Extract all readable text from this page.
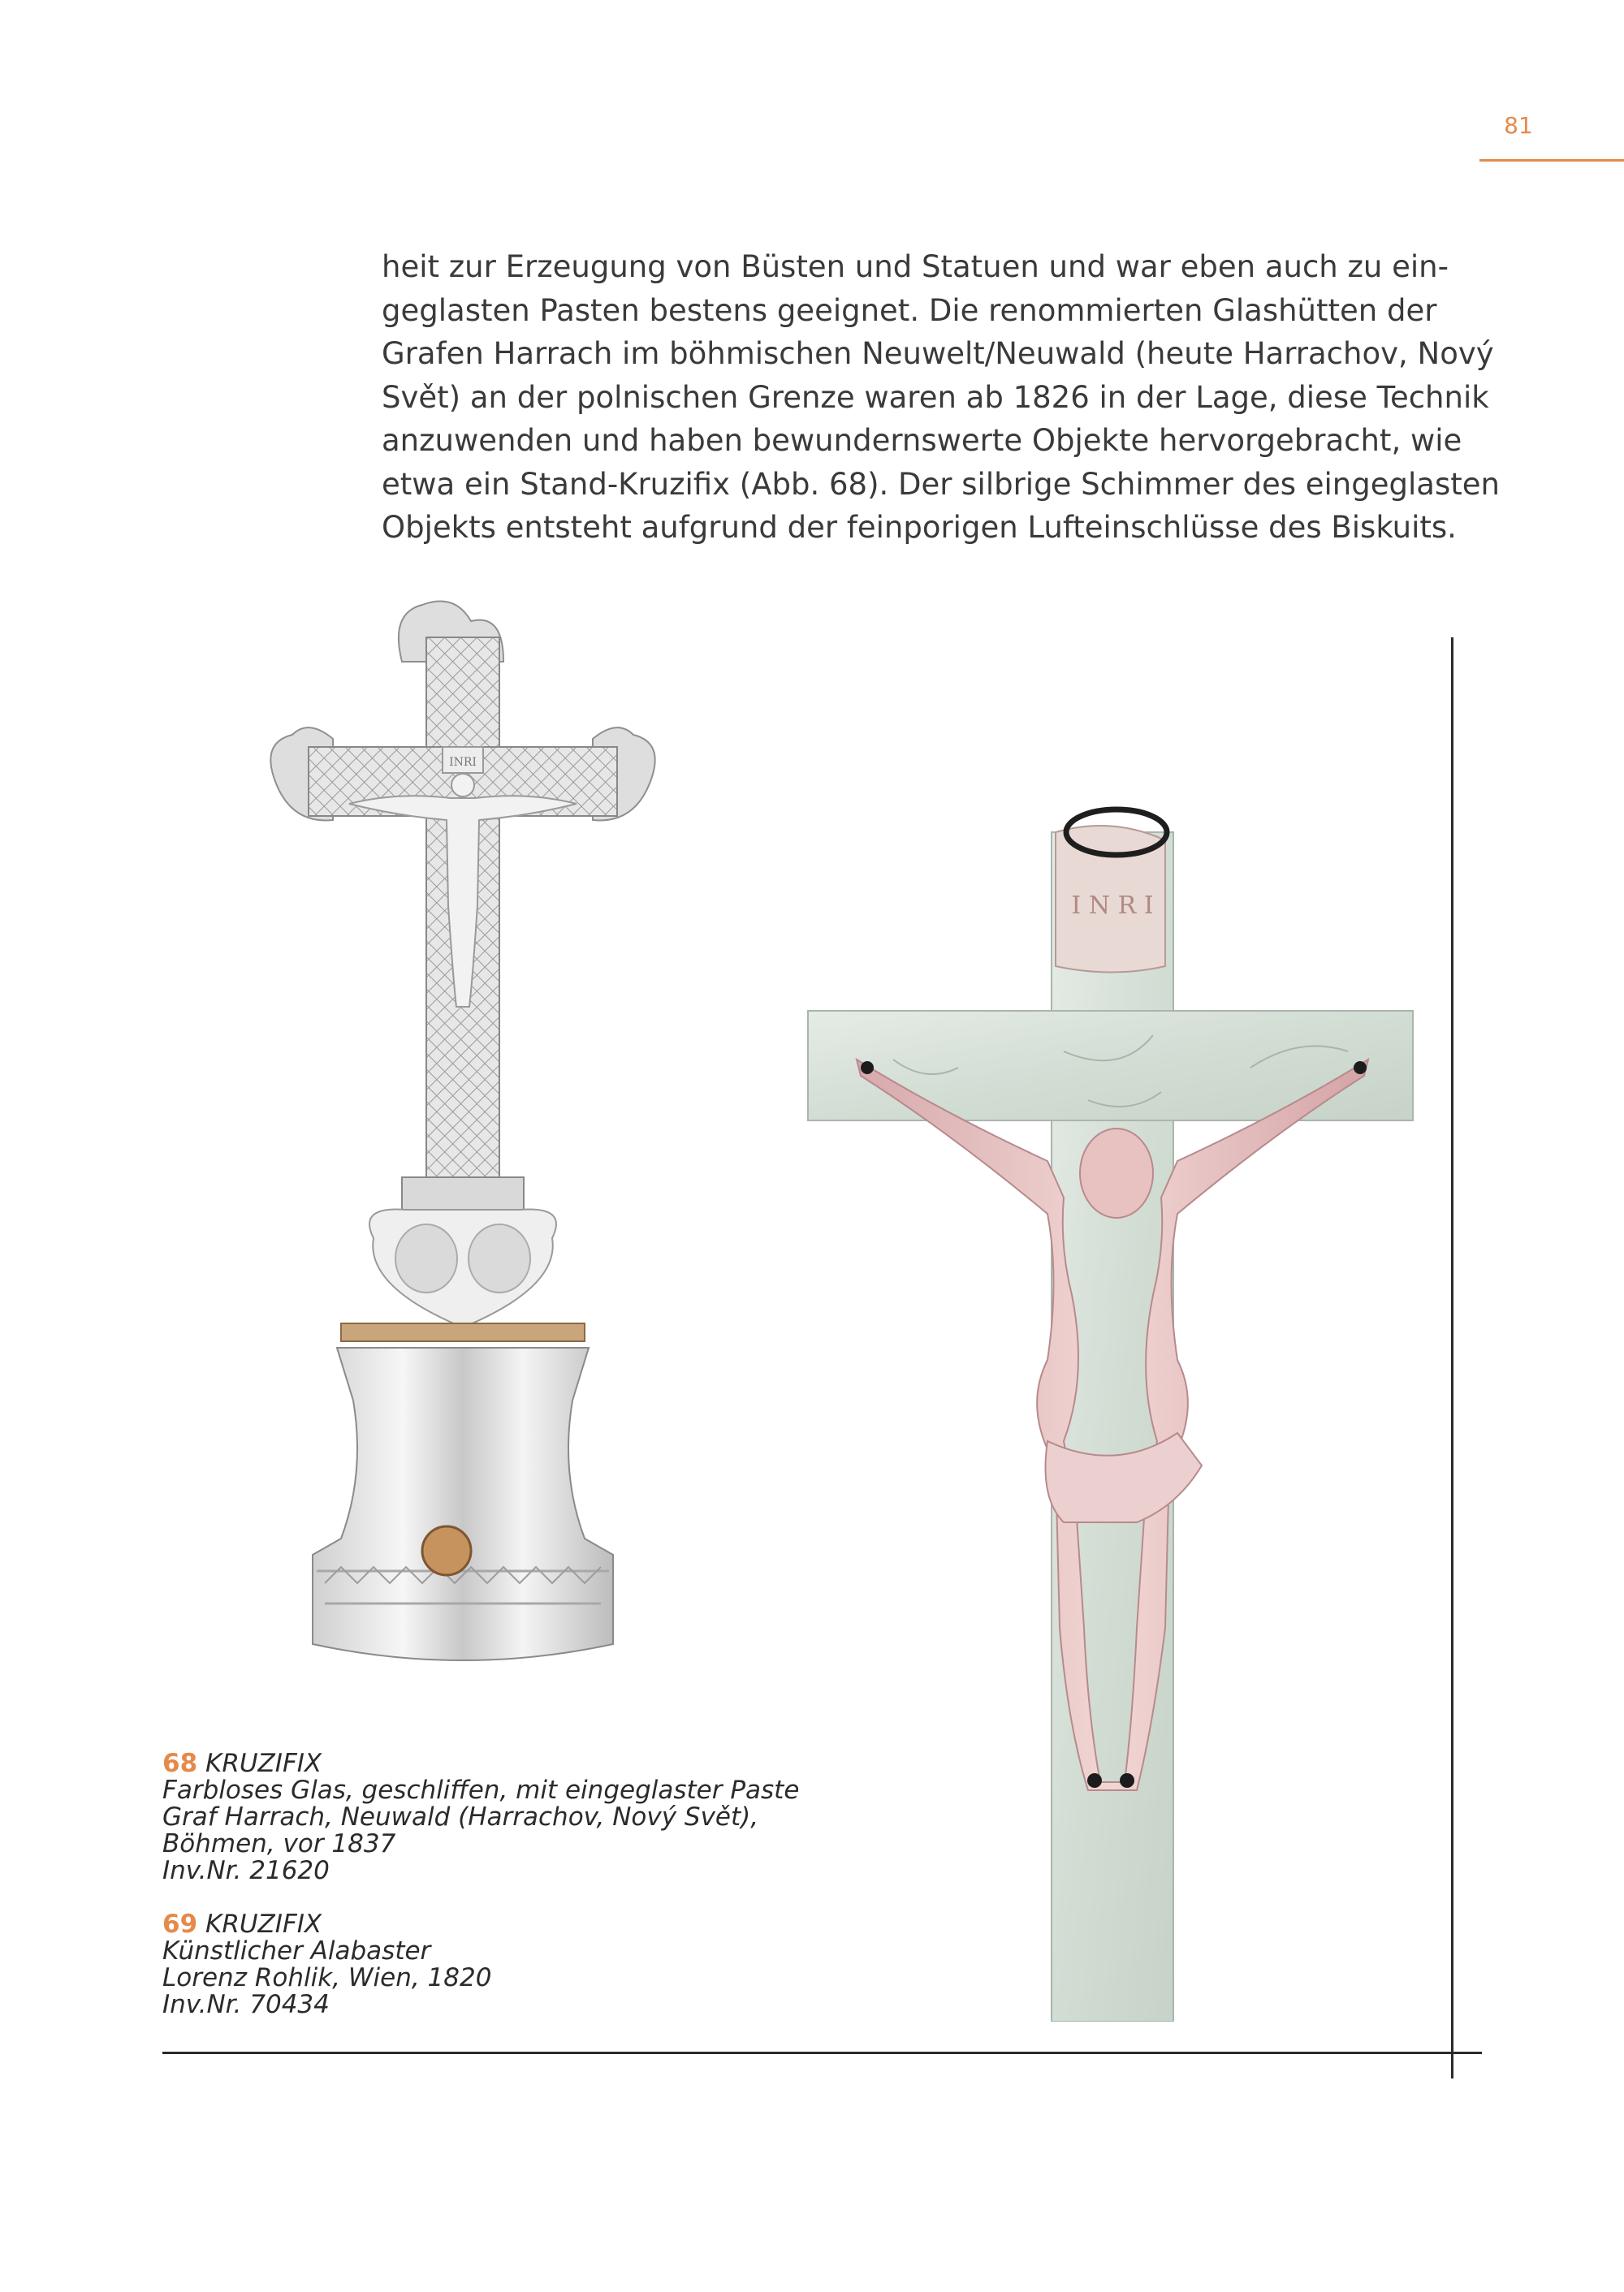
81
heit zur Erzeugung von Büsten und Statuen und war eben auch zu ein-
geglasten Pasten bestens geeignet. Die renommierten Glashütten der
Grafen Harrach im böhmischen Neuwelt/Neuwald (heute Harrachov, Nový
Svět) an der polnischen Grenze waren ab 1826 in der Lage, diese Technik
anzuwenden und haben bewundernswerte Objekte hervorgebracht, wie
etwa ein Stand-Kruzifix (Abb. 68). Der silbrige Schimmer des eingeglasten
Objekts entsteht aufgrund der feinporigen Lufteinschlüsse des Biskuits.
INRI
I N R I
68 KRUZIFIX
Farbloses Glas, geschliffen, mit eingeglaster Paste
Graf Harrach, Neuwald (Harrachov, Nový Svět),
Böhmen, vor 1837
Inv.Nr. 21620
69 KRUZIFIX
Künstlicher Alabaster
Lorenz Rohlik, Wien, 1820
Inv.Nr. 70434
